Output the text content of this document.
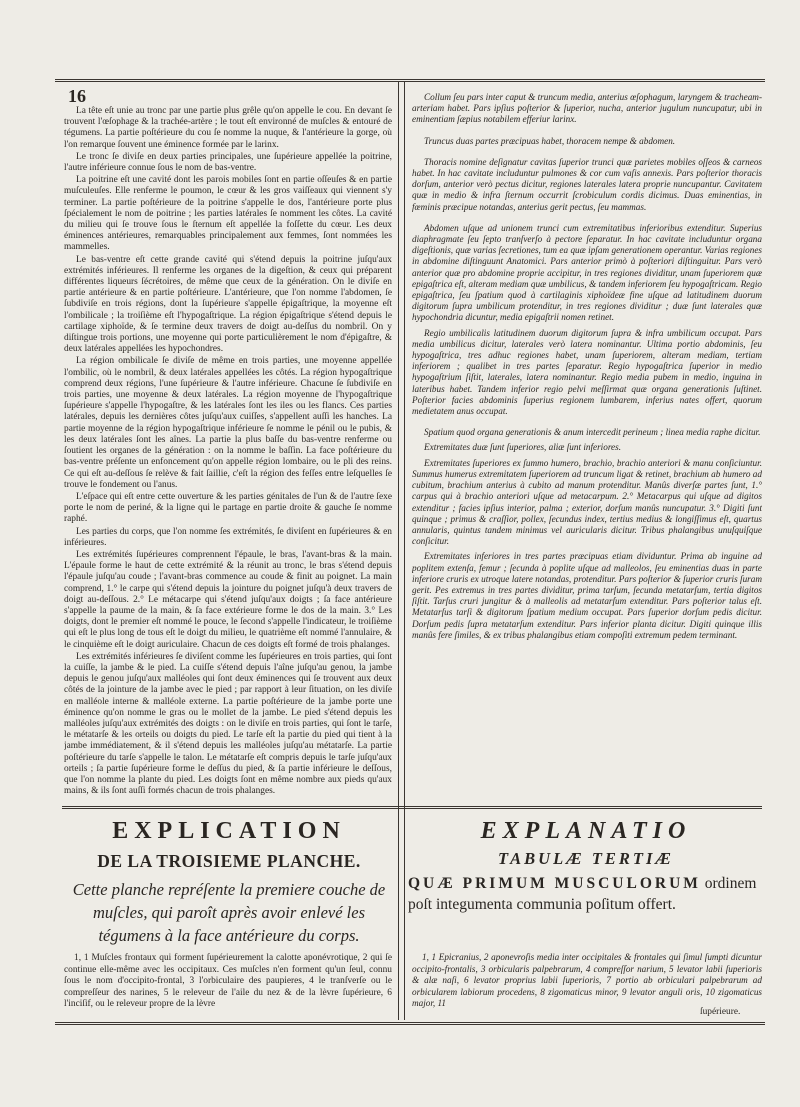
16

La tête eſt unie au tronc par une partie plus grêle qu'on appelle le cou. En devant ſe trouvent l'œſophage & la trachée-artère ; le tout eſt environné de muſcles & entouré de tégumens. La partie poſtérieure du cou ſe nomme la nuque, & l'antérieure la gorge, où l'on remarque ſouvent une éminence formée par le larinx.

Le tronc ſe diviſe en deux parties principales, une ſupérieure appellée la poitrine, l'autre inférieure connue ſous le nom de bas-ventre.

La poitrine eſt une cavité dont les parois mobiles ſont en partie oſſeuſes & en partie muſculeuſes. Elle renferme le poumon, le cœur & les gros vaiſſeaux qui viennent s'y terminer. La partie poſtérieure de la poitrine s'appelle le dos, l'antérieure porte plus ſpécialement le nom de poitrine ; les parties latérales ſe nomment les côtes. La cavité du milieu qui ſe trouve ſous le ſternum eſt appellée la foſſette du cœur. Les deux éminences antérieures, remarquables principalement aux femmes, ſont nommées les mammelles.

Le bas-ventre eſt cette grande cavité qui s'étend depuis la poitrine juſqu'aux extrémités inférieures. Il renferme les organes de la digeſtion, & ceux qui préparent différentes liqueurs ſécrétoires, de même que ceux de la génération. On le diviſe en partie antérieure & en partie poſtérieure. L'antérieure, que l'on nomme l'abdomen, ſe ſubdiviſe en trois régions, dont la ſupérieure s'appelle épigaſtrique, la moyenne eſt l'ombilicale ; la troiſième eſt l'hypogaſtrique. La région épigaſtrique s'étend depuis le cartilage xiphoïde, & ſe termine deux travers de doigt au-deſſus du nombril. On y diſtingue trois portions, une moyenne qui porte particulièrement le nom d'épigaſtre, & deux latérales appellées les hypochondres.

La région ombilicale ſe diviſe de même en trois parties, une moyenne appellée l'ombilic, où le nombril, & deux latérales appellées les côtés. La région hypogaſtrique comprend deux régions, l'une ſupérieure & l'autre inférieure. Chacune ſe ſubdiviſe en trois parties, une moyenne & deux latérales. La région moyenne de l'hypogaſtrique ſupérieure s'appelle l'hypogaſtre, & les latérales ſont les iles ou les flancs. Ces parties latérales, depuis les dernières côtes juſqu'aux cuiſſes, s'appellent auſſi les hanches. La partie moyenne de la région hypogaſtrique inférieure ſe nomme le pénil ou le pubis, & les deux latérales ſont les aînes. La partie la plus baſſe du bas-ventre renferme ou ſoutient les organes de la génération : on la nomme le baſſin. La face poſtérieure du bas-ventre préſente un enfoncement qu'on appelle région lombaire, ou le pli des reins. Ce qui eſt au-deſſous ſe relève & fait ſaillie, c'eſt la région des feſſes entre leſquelles ſe trouve le fondement ou l'anus.

L'eſpace qui eſt entre cette ouverture & les parties génitales de l'un & de l'autre ſexe porte le nom de periné, & la ligne qui le partage en partie droite & gauche ſe nomme raphé.

Les parties du corps, que l'on nomme ſes extrémités, ſe diviſent en ſupérieures & en inférieures.

Les extrémités ſupérieures comprennent l'épaule, le bras, l'avant-bras & la main. L'épaule forme le haut de cette extrémité & la réunit au tronc, le bras s'étend depuis l'épaule juſqu'au coude ; l'avant-bras commence au coude & finit au poignet. La main comprend, 1.° le carpe qui s'étend depuis la jointure du poignet juſqu'à deux travers de doigt au-deſſous. 2.° Le métacarpe qui s'étend juſqu'aux doigts ; ſa face antérieure s'appelle la paume de la main, & ſa face extérieure forme le dos de la main. 3.° Les doigts, dont le premier eſt nommé le pouce, le ſecond s'appelle l'indicateur, le troiſième qui eſt le plus long de tous eſt le doigt du milieu, le quatrième eſt nommé l'annulaire, & le cinquième eſt le doigt auriculaire. Chacun de ces doigts eſt formé de trois phalanges.

Les extrémités inférieures ſe diviſent comme les ſupérieures en trois parties, qui ſont la cuiſſe, la jambe & le pied. La cuiſſe s'étend depuis l'aîne juſqu'au genou, la jambe depuis le genou juſqu'aux malléoles qui ſont deux éminences qui ſe trouvent aux deux côtés de la jointure de la jambe avec le pied ; par rapport à leur ſituation, on les diviſe en malléole interne & malléole externe. La partie poſtérieure de la jambe porte une éminence qu'on nomme le gras ou le mollet de la jambe. Le pied s'étend depuis les malléoles juſqu'aux extrémités des doigts : on le diviſe en trois parties, qui ſont le tarſe, le métatarſe & les orteils ou doigts du pied. Le tarſe eſt la partie du pied qui tient à la jambe immédiatement, & il s'étend depuis les malléoles juſqu'au métatarſe. La partie poſtérieure du tarſe s'appelle le talon. Le métatarſe eſt compris depuis le tarſe juſqu'aux orteils ; ſa partie ſupérieure forme le deſſus du pied, & ſa partie inférieure le deſſous, que l'on nomme la plante du pied. Les doigts ſont en même nombre aux pieds qu'aux mains, & ils ſont auſſi formés chacun de trois phalanges.

Collum ſeu pars inter caput & truncum media, anterius œſophagum, laryngem & tracheam-arteriam habet. Pars ipſius poſterior & ſuperior, nucha, anterior jugulum nuncupatur, ubi in eminentiam ſæpius notabilem efferiur larinx.

Truncus duas partes præcipuas habet, thoracem nempe & abdomen.

Thoracis nomine deſignatur cavitas ſuperior trunci quæ parietes mobiles oſſeos & carneos habet. In hac cavitate includuntur pulmones & cor cum vaſis annexis. Pars poſterior thoracis dorſum, anterior verò pectus dicitur, regiones laterales latera proprie nuncupantur. Cavitatem quæ in medio & infra ſternum occurrit ſcrobiculum cordis dicimus. Duas eminentias, in fœminis præcipue notandas, anterius gerit pectus, ſeu mammas.

Abdomen uſque ad unionem trunci cum extremitatibus inferioribus extenditur. Superius diaphragmate ſeu ſepto tranſverſo à pectore ſeparatur. In hac cavitate includuntur organa digeſtionis, quæ varias ſecretiones, tum ea quæ ipſam generationem operantur. Varias regiones in abdomine diſtinguunt Anatomici. Pars anterior primò à poſteriori diſtinguitur. Pars verò anterior quæ pro abdomine proprie accipitur, in tres regiones dividitur, unam ſuperiorem quæ epigaſtrica eſt, alteram mediam quæ umbilicus, & tandem inferiorem ſeu hypogaſtricam. Regio epigaſtrica, ſeu ſpatium quod à cartilaginis xiphoïdeæ fine uſque ad latitudinem duorum digitorum ſupra umbilicum protenditur, in tres regiones dividitur ; duæ ſunt laterales quæ hypochondria dicuntur, media epigaſtrii nomen retinet.

Regio umbilicalis latitudinem duorum digitorum ſupra & infra umbilicum occupat. Pars media umbilicus dicitur, laterales verò latera nominantur. Ultima portio abdominis, ſeu hypogaſtrica, tres adhuc regiones habet, unam ſuperiorem, alteram mediam, tertiam inferiorem ; qualibet in tres partes ſeparatur. Regio hypogaſtrica ſuperior in medio hypogaſtrium ſiſtit, laterales, latera nominantur. Regio media pubem in medio, inguina in lateribus habet. Tandem inferior regio pelvi meſſirmat quæ organa generationis ſuſtinet. Poſterior facies abdominis ſuperius regionem lumbarem, inferius nates offert, quorum medietatem anus occupat.

Spatium quod organa generationis & anum intercedit perineum ; linea media raphe dicitur.

Extremitates duæ ſunt ſuperiores, aliæ ſunt inferiores.

Extremitates ſuperiores ex ſummo humero, brachio, brachio anteriori & manu conſiciuntur. Summus humerus extremitatem ſuperiorem ad truncum ligat & retinet, brachium ab humero ad cubitum, brachium anterius à cubito ad manum protenditur. Manûs diverſæ partes ſunt, 1.° carpus qui à brachio anteriori uſque ad metacarpum. 2.° Metacarpus qui uſque ad digitos extenditur ; facies ipſius interior, palma ; exterior, dorſum manûs nuncupatur. 3.° Digiti ſunt quinque ; primus & craſſior, pollex, ſecundus index, tertius medius & longiſſimus eſt, quartus annularis, quintus tandem minimus vel auricularis dicitur. Tribus phalangibus unuſquiſque conſicitur.

Extremitates inferiores in tres partes præcipuas etiam dividuntur. Prima ab inguine ad poplitem extenſa, femur ; ſecunda à poplite uſque ad malleolos, ſeu eminentias duas in parte inferiore cruris ex utroque latere notandas, protenditur. Pars poſterior & ſuperior cruris ſuram gerit. Pes extremus in tres partes dividitur, prima tarſum, ſecunda metatarſum, tertia digitos ſiſtit. Tarſus cruri jungitur & à malleolis ad metatarſum extenditur. Pars poſterior talus eſt. Metatarſus tarſi & digitorum ſpatium medium occupat. Pars ſuperior dorſum pedis dicitur. Dorſum pedis ſupra metatarſum extenditur. Pars inferior planta dicitur. Digiti quinque illis manûs fere ſimiles, & ex tribus phalangibus etiam compoſiti extremum pedem terminant.

EXPLICATION

DE LA TROISIEME PLANCHE.

Cette planche repréſente la premiere couche de muſcles, qui paroît après avoir enlevé les tégumens à la face antérieure du corps.

EXPLANATIO

TABULÆ TERTIÆ

QUÆ PRIMUM MUSCULORUM ordinem poſt integumenta communia poſitum offert.

1, 1 Muſcles frontaux qui forment ſupérieurement la calotte aponévrotique, 2 qui ſe continue elle-même avec les occipitaux. Ces muſcles n'en forment qu'un ſeul, connu ſous le nom d'occipito-frontal, 3 l'orbiculaire des paupieres, 4 le tranſverſe ou le compreſſeur des narines, 5 le releveur de l'aile du nez & de la lèvre ſupérieure, 6 l'inciſif, ou le releveur propre de la lèvre
1, 1 Epicranius, 2 aponevroſis media inter occipitales & frontales qui ſimul ſumpti dicuntur occipito-frontalis, 3 orbicularis palpebrarum, 4 compreſſor narium, 5 levator labii ſuperioris & alæ naſi, 6 levator proprius labii ſuperioris, 7 portio ab orbiculari palpebrarum ad orbicularem labiorum procedens, 8 zigomaticus minor, 9 levator anguli oris, 10 zigomaticus major, 11
ſupérieure.
